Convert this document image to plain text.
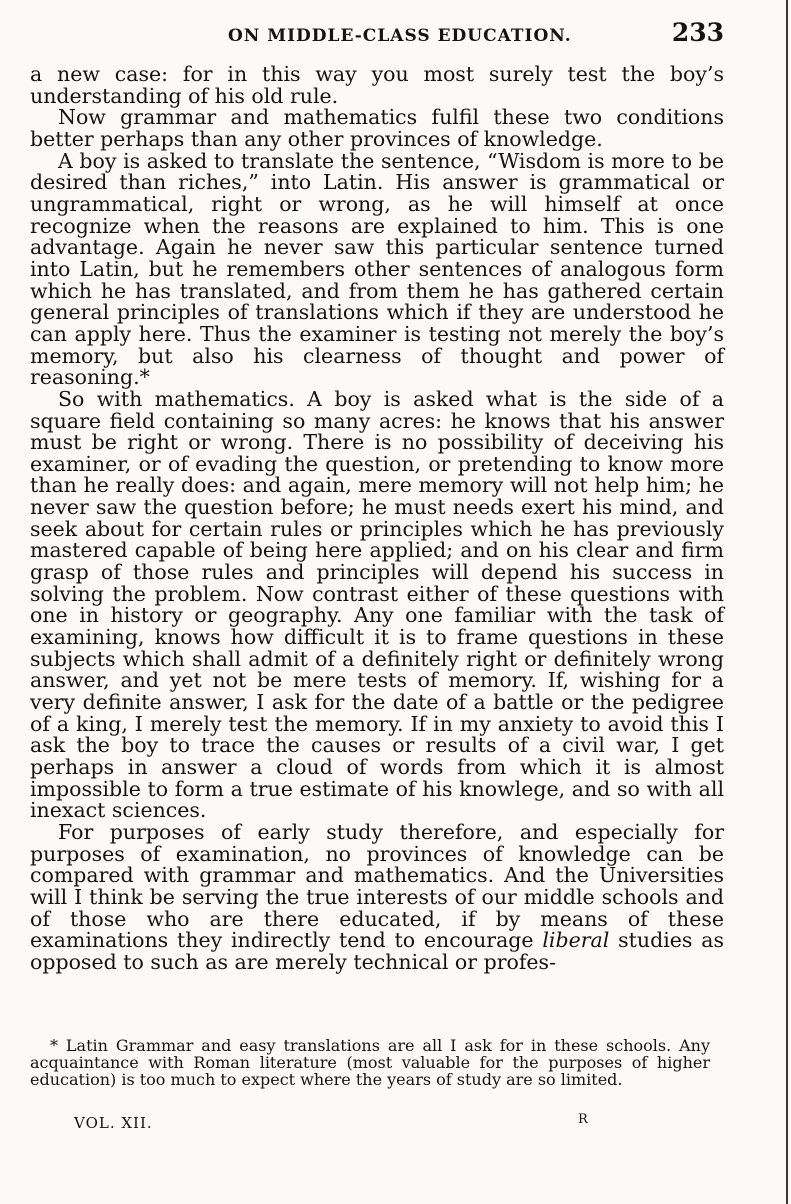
ON MIDDLE-CLASS EDUCATION.	233

a new case: for in this way you most surely test the boy’s understanding of his old rule.

Now grammar and mathematics fulfil these two conditions better perhaps than any other provinces of knowledge.

A boy is asked to translate the sentence, “Wisdom is more to be desired than riches,” into Latin. His answer is grammatical or ungrammatical, right or wrong, as he will himself at once recognize when the reasons are explained to him. This is one advantage. Again he never saw this particular sentence turned into Latin, but he remembers other sentences of analogous form which he has translated, and from them he has gathered certain general principles of translations which if they are understood he can apply here. Thus the examiner is testing not merely the boy’s memory, but also his clearness of thought and power of reasoning.*

So with mathematics. A boy is asked what is the side of a square field containing so many acres: he knows that his answer must be right or wrong. There is no possibility of deceiving his examiner, or of evading the question, or pretending to know more than he really does: and again, mere memory will not help him; he never saw the question before; he must needs exert his mind, and seek about for certain rules or principles which he has previously mastered capable of being here applied; and on his clear and firm grasp of those rules and principles will depend his success in solving the problem. Now contrast either of these questions with one in history or geography. Any one familiar with the task of examining, knows how difficult it is to frame questions in these subjects which shall admit of a definitely right or definitely wrong answer, and yet not be mere tests of memory. If, wishing for a very definite answer, I ask for the date of a battle or the pedigree of a king, I merely test the memory. If in my anxiety to avoid this I ask the boy to trace the causes or results of a civil war, I get perhaps in answer a cloud of words from which it is almost impossible to form a true estimate of his knowlege, and so with all inexact sciences.

For purposes of early study therefore, and especially for purposes of examination, no provinces of knowledge can be compared with grammar and mathematics. And the Universities will I think be serving the true interests of our middle schools and of those who are there educated, if by means of these examinations they indirectly tend to encourage liberal studies as opposed to such as are merely technical or profes-

* Latin Grammar and easy translations are all I ask for in these schools. Any acquaintance with Roman literature (most valuable for the purposes of higher education) is too much to expect where the years of study are so limited.
VOL. XII.	R
